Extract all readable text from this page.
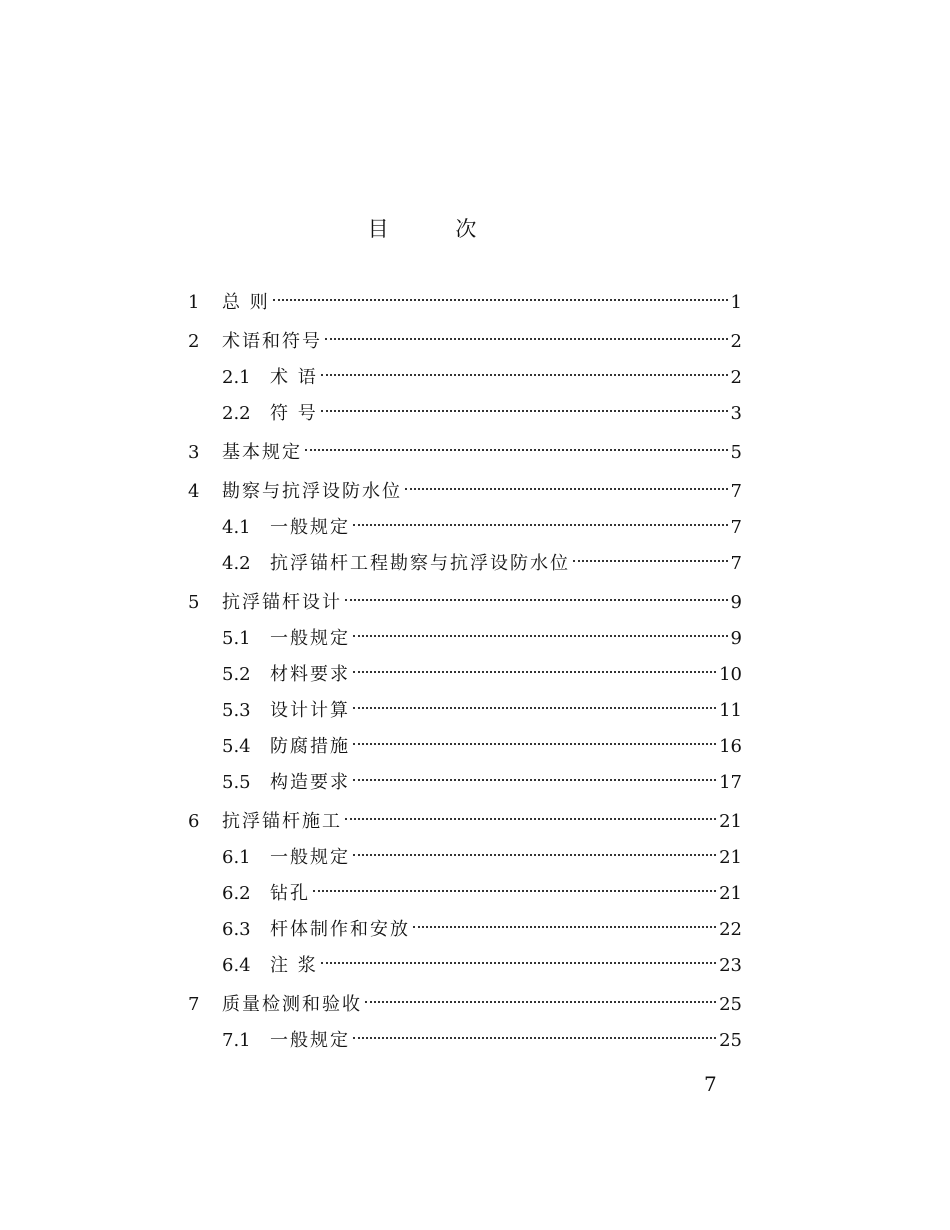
目 次
1	总 则	1
2	术语和符号	2
2.1	术 语	2
2.2	符 号	3
3	基本规定	5
4	勘察与抗浮设防水位	7
4.1	一般规定	7
4.2	抗浮锚杆工程勘察与抗浮设防水位	7
5	抗浮锚杆设计	9
5.1	一般规定	9
5.2	材料要求	10
5.3	设计计算	11
5.4	防腐措施	16
5.5	构造要求	17
6	抗浮锚杆施工	21
6.1	一般规定	21
6.2	钻孔	21
6.3	杆体制作和安放	22
6.4	注 浆	23
7	质量检测和验收	25
7.1	一般规定	25
7
